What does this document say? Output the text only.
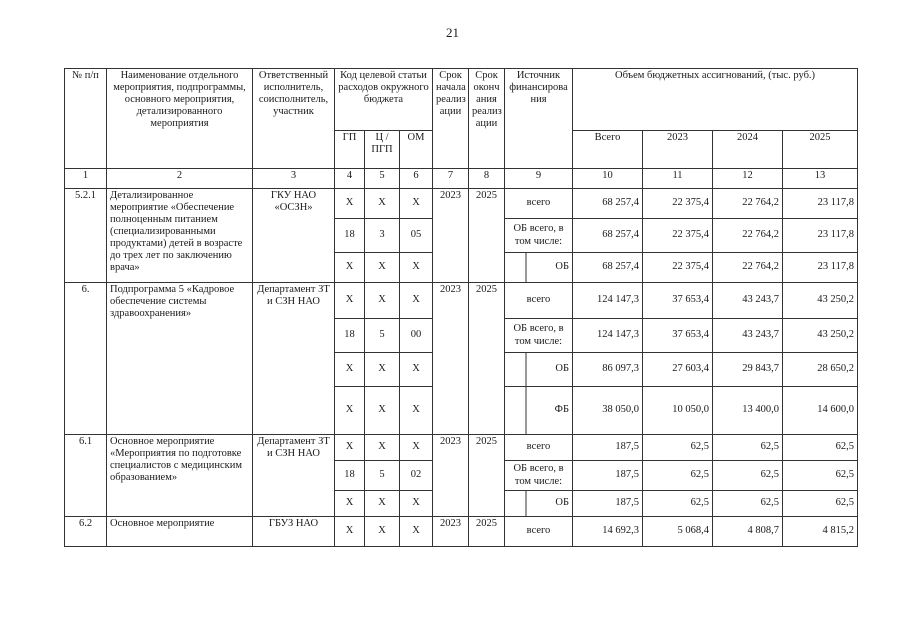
21
№ п/п	Наименование отдельного мероприятия, подпрограммы, основного мероприятия, детализированного мероприятия	Ответственный исполнитель, соисполнитель, участник	Код целевой статьи расходов окружного бюджета			Срок начала реализ ации	Срок оконч ания реализ ации	Источник финансирова ния	Объем бюджетных ассигнований, (тыс. руб.)			
			ГП	Ц / ПГП	ОМ				Всего	2023	2024	2025
1	2	3	4	5	6	7	8	9	10	11	12	13
5.2.1	Детализированное мероприятие «Обеспечение полноценным питанием (специализированными продуктами) детей в возрасте до трех лет по заключению врача»	ГКУ НАО «ОСЗН»	Х	Х	Х	2023	2025	всего	68 257,4	22 375,4	22 764,2	23 117,8
			18	3	05			ОБ всего, в том числе:	68 257,4	22 375,4	22 764,2	23 117,8
			Х	Х	Х			ОБ	68 257,4	22 375,4	22 764,2	23 117,8
6.	Подпрограмма 5 «Кадровое обеспечение системы здравоохранения»	Департамент ЗТ и СЗН НАО	Х	Х	Х	2023	2025	всего	124 147,3	37 653,4	43 243,7	43 250,2
			18	5	00			ОБ всего, в том числе:	124 147,3	37 653,4	43 243,7	43 250,2
			Х	Х	Х			ОБ	86 097,3	27 603,4	29 843,7	28 650,2
			Х	Х	Х			ФБ	38 050,0	10 050,0	13 400,0	14 600,0
6.1	Основное мероприятие «Мероприятия по подготовке специалистов с медицинским образованием»	Департамент ЗТ и СЗН НАО	Х	Х	Х	2023	2025	всего	187,5	62,5	62,5	62,5
			18	5	02			ОБ всего, в том числе:	187,5	62,5	62,5	62,5
			Х	Х	Х			ОБ	187,5	62,5	62,5	62,5
6.2	Основное мероприятие	ГБУЗ НАО	Х	Х	Х	2023	2025	всего	14 692,3	5 068,4	4 808,7	4 815,2
